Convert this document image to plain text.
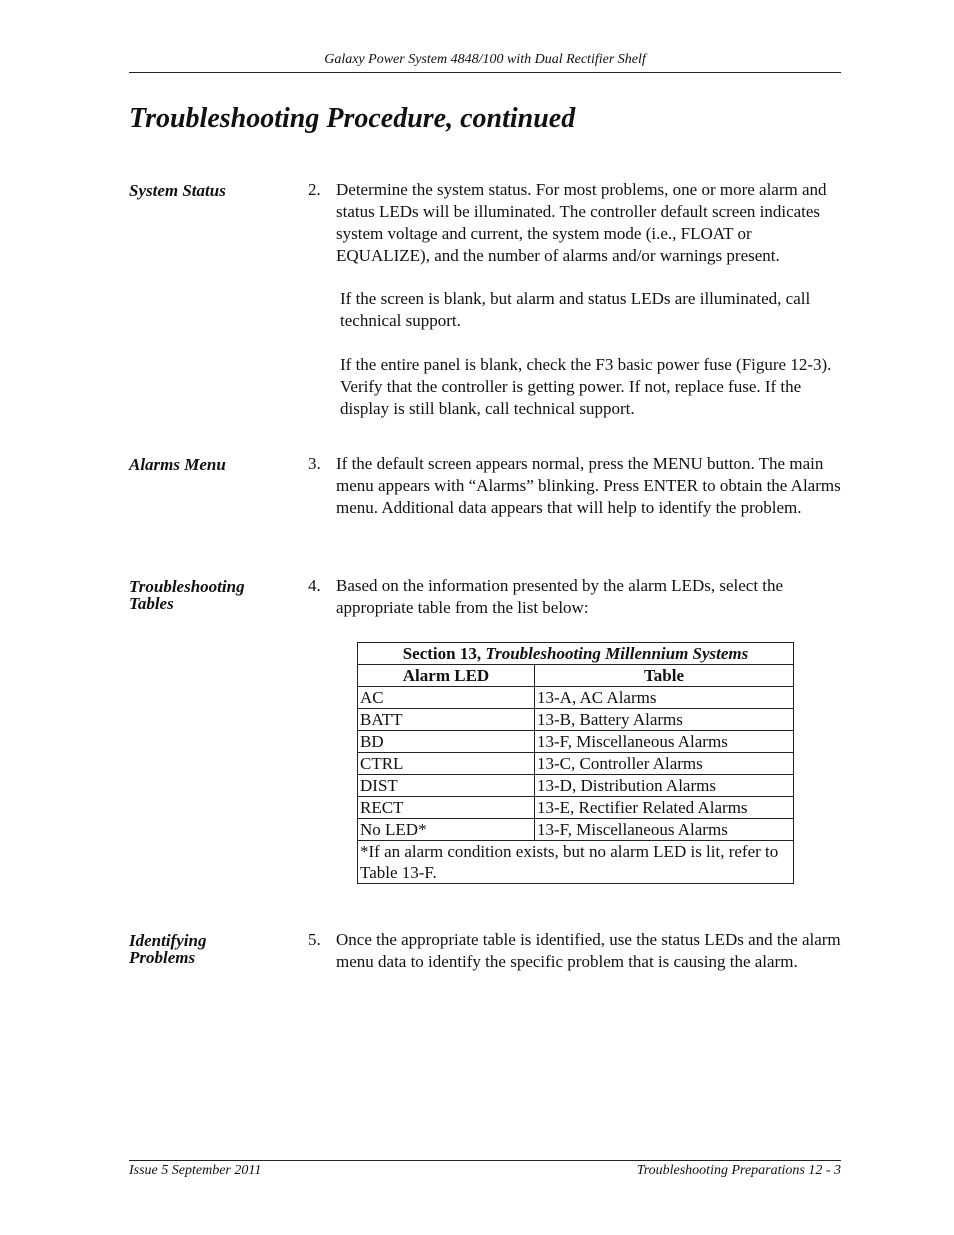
Galaxy Power System 4848/100 with Dual Rectifier Shelf
Troubleshooting Procedure, continued
System Status	2. Determine the system status. For most problems, one or more alarm and status LEDs will be illuminated. The controller default screen indicates system voltage and current, the system mode (i.e., FLOAT or EQUALIZE), and the number of alarms and/or warnings present.
If the screen is blank, but alarm and status LEDs are illuminated, call technical support.
If the entire panel is blank, check the F3 basic power fuse (Figure 12-3). Verify that the controller is getting power. If not, replace fuse. If the display is still blank, call technical support.
Alarms Menu	3. If the default screen appears normal, press the MENU button. The main menu appears with “Alarms” blinking. Press ENTER to obtain the Alarms menu. Additional data appears that will help to identify the problem.
Troubleshooting Tables
4. Based on the information presented by the alarm LEDs, select the appropriate table from the list below:
Section 13, Troubleshooting Millennium Systems	
Alarm LED	Table
AC	13-A, AC Alarms
BATT	13-B, Battery Alarms
BD	13-F, Miscellaneous Alarms
CTRL	13-C, Controller Alarms
DIST	13-D, Distribution Alarms
RECT	13-E, Rectifier Related Alarms
No LED*	13-F, Miscellaneous Alarms
*If an alarm condition exists, but no alarm LED is lit, refer to Table 13-F.	
Identifying Problems
5. Once the appropriate table is identified, use the status LEDs and the alarm menu data to identify the specific problem that is causing the alarm.
Issue 5 September 2011	Troubleshooting Preparations 12 - 3
